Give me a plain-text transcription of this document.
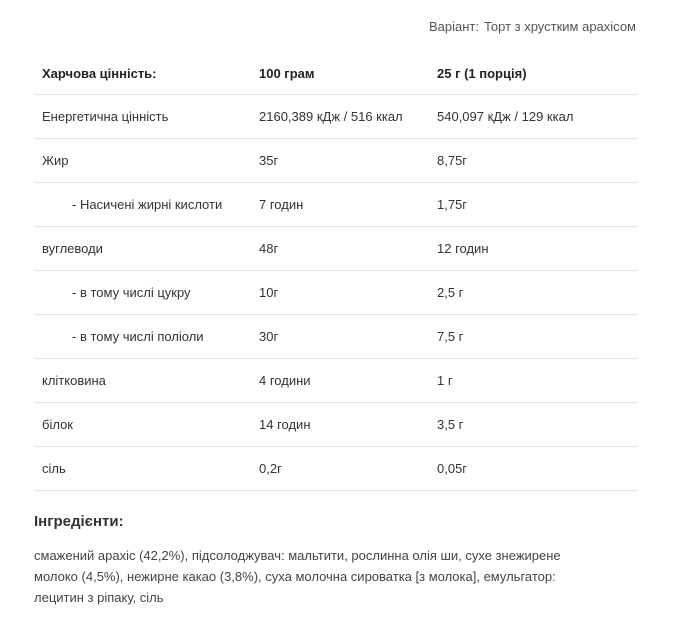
Варіант: Торт з хрустким арахісом
Харчова цінність:	100 грам	25 г (1 порція)
Енергетична цінність	2160,389 кДж / 516 ккал	540,097 кДж / 129 ккал
Жир	35г	8,75г
- Насичені жирні кислоти	7 годин	1,75г
вуглеводи	48г	12 годин
- в тому числі цукру	10г	2,5 г
- в тому числі поліоли	30г	7,5 г
клітковина	4 години	1 г
білок	14 годин	3,5 г
сіль	0,2г	0,05г
Інгредієнти:
смажений арахіс (42,2%), підсолоджувач: мальтити, рослинна олія ши, сухе знежирене
молоко (4,5%), нежирне какао (3,8%), суха молочна сироватка [з молока], емульгатор:
лецитин з ріпаку, сіль
